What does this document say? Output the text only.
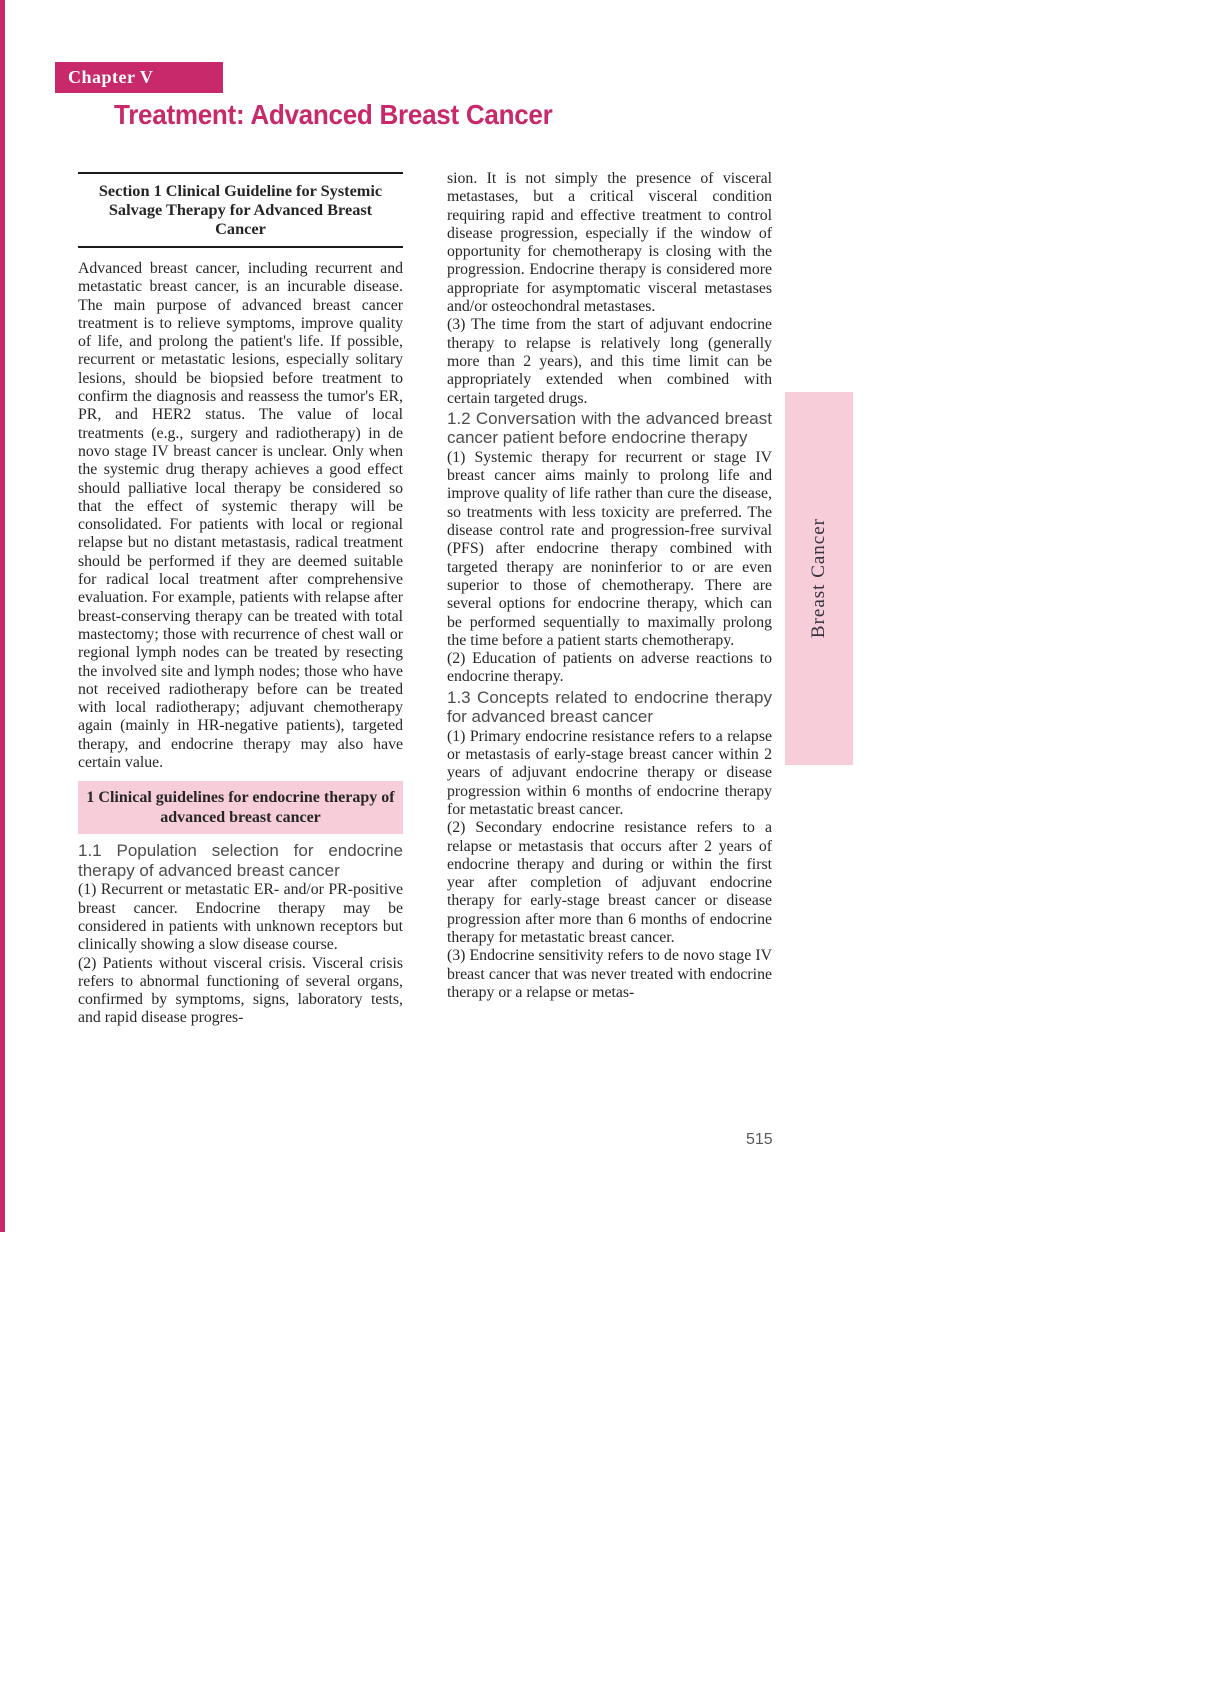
Chapter V
Treatment: Advanced Breast Cancer
Section 1 Clinical Guideline for Systemic Salvage Therapy for Advanced Breast Cancer

Advanced breast cancer, including recurrent and metastatic breast cancer, is an incurable disease. The main purpose of advanced breast cancer treatment is to relieve symptoms, improve quality of life, and prolong the patient's life. If possible, recurrent or metastatic lesions, especially solitary lesions, should be biopsied before treatment to confirm the diagnosis and reassess the tumor's ER, PR, and HER2 status. The value of local treatments (e.g., surgery and radiotherapy) in de novo stage IV breast cancer is unclear. Only when the systemic drug therapy achieves a good effect should palliative local therapy be considered so that the effect of systemic therapy will be consolidated. For patients with local or regional relapse but no distant metastasis, radical treatment should be performed if they are deemed suitable for radical local treatment after comprehensive evaluation. For example, patients with relapse after breast-conserving therapy can be treated with total mastectomy; those with recurrence of chest wall or regional lymph nodes can be treated by resecting the involved site and lymph nodes; those who have not received radiotherapy before can be treated with local radiotherapy; adjuvant chemotherapy again (mainly in HR-negative patients), targeted therapy, and endocrine therapy may also have certain value.

1 Clinical guidelines for endocrine therapy of advanced breast cancer
1.1 Population selection for endocrine therapy of advanced breast cancer

(1) Recurrent or metastatic ER- and/or PR-positive breast cancer. Endocrine therapy may be considered in patients with unknown receptors but clinically showing a slow disease course.

(2) Patients without visceral crisis. Visceral crisis refers to abnormal functioning of several organs, confirmed by symptoms, signs, laboratory tests, and rapid disease progres-

sion. It is not simply the presence of visceral metastases, but a critical visceral condition requiring rapid and effective treatment to control disease progression, especially if the window of opportunity for chemotherapy is closing with the progression. Endocrine therapy is considered more appropriate for asymptomatic visceral metastases and/or osteochondral metastases.

(3) The time from the start of adjuvant endocrine therapy to relapse is relatively long (generally more than 2 years), and this time limit can be appropriately extended when combined with certain targeted drugs.

1.2 Conversation with the advanced breast cancer patient before endocrine therapy

(1) Systemic therapy for recurrent or stage IV breast cancer aims mainly to prolong life and improve quality of life rather than cure the disease, so treatments with less toxicity are preferred. The disease control rate and progression-free survival (PFS) after endocrine therapy combined with targeted therapy are noninferior to or are even superior to those of chemotherapy. There are several options for endocrine therapy, which can be performed sequentially to maximally prolong the time before a patient starts chemotherapy.

(2) Education of patients on adverse reactions to endocrine therapy.

1.3 Concepts related to endocrine therapy for advanced breast cancer

(1) Primary endocrine resistance refers to a relapse or metastasis of early-stage breast cancer within 2 years of adjuvant endocrine therapy or disease progression within 6 months of endocrine therapy for metastatic breast cancer.

(2) Secondary endocrine resistance refers to a relapse or metastasis that occurs after 2 years of endocrine therapy and during or within the first year after completion of adjuvant endocrine therapy for early-stage breast cancer or disease progression after more than 6 months of endocrine therapy for metastatic breast cancer.

(3) Endocrine sensitivity refers to de novo stage IV breast cancer that was never treated with endocrine therapy or a relapse or metas-

Breast Cancer
515
